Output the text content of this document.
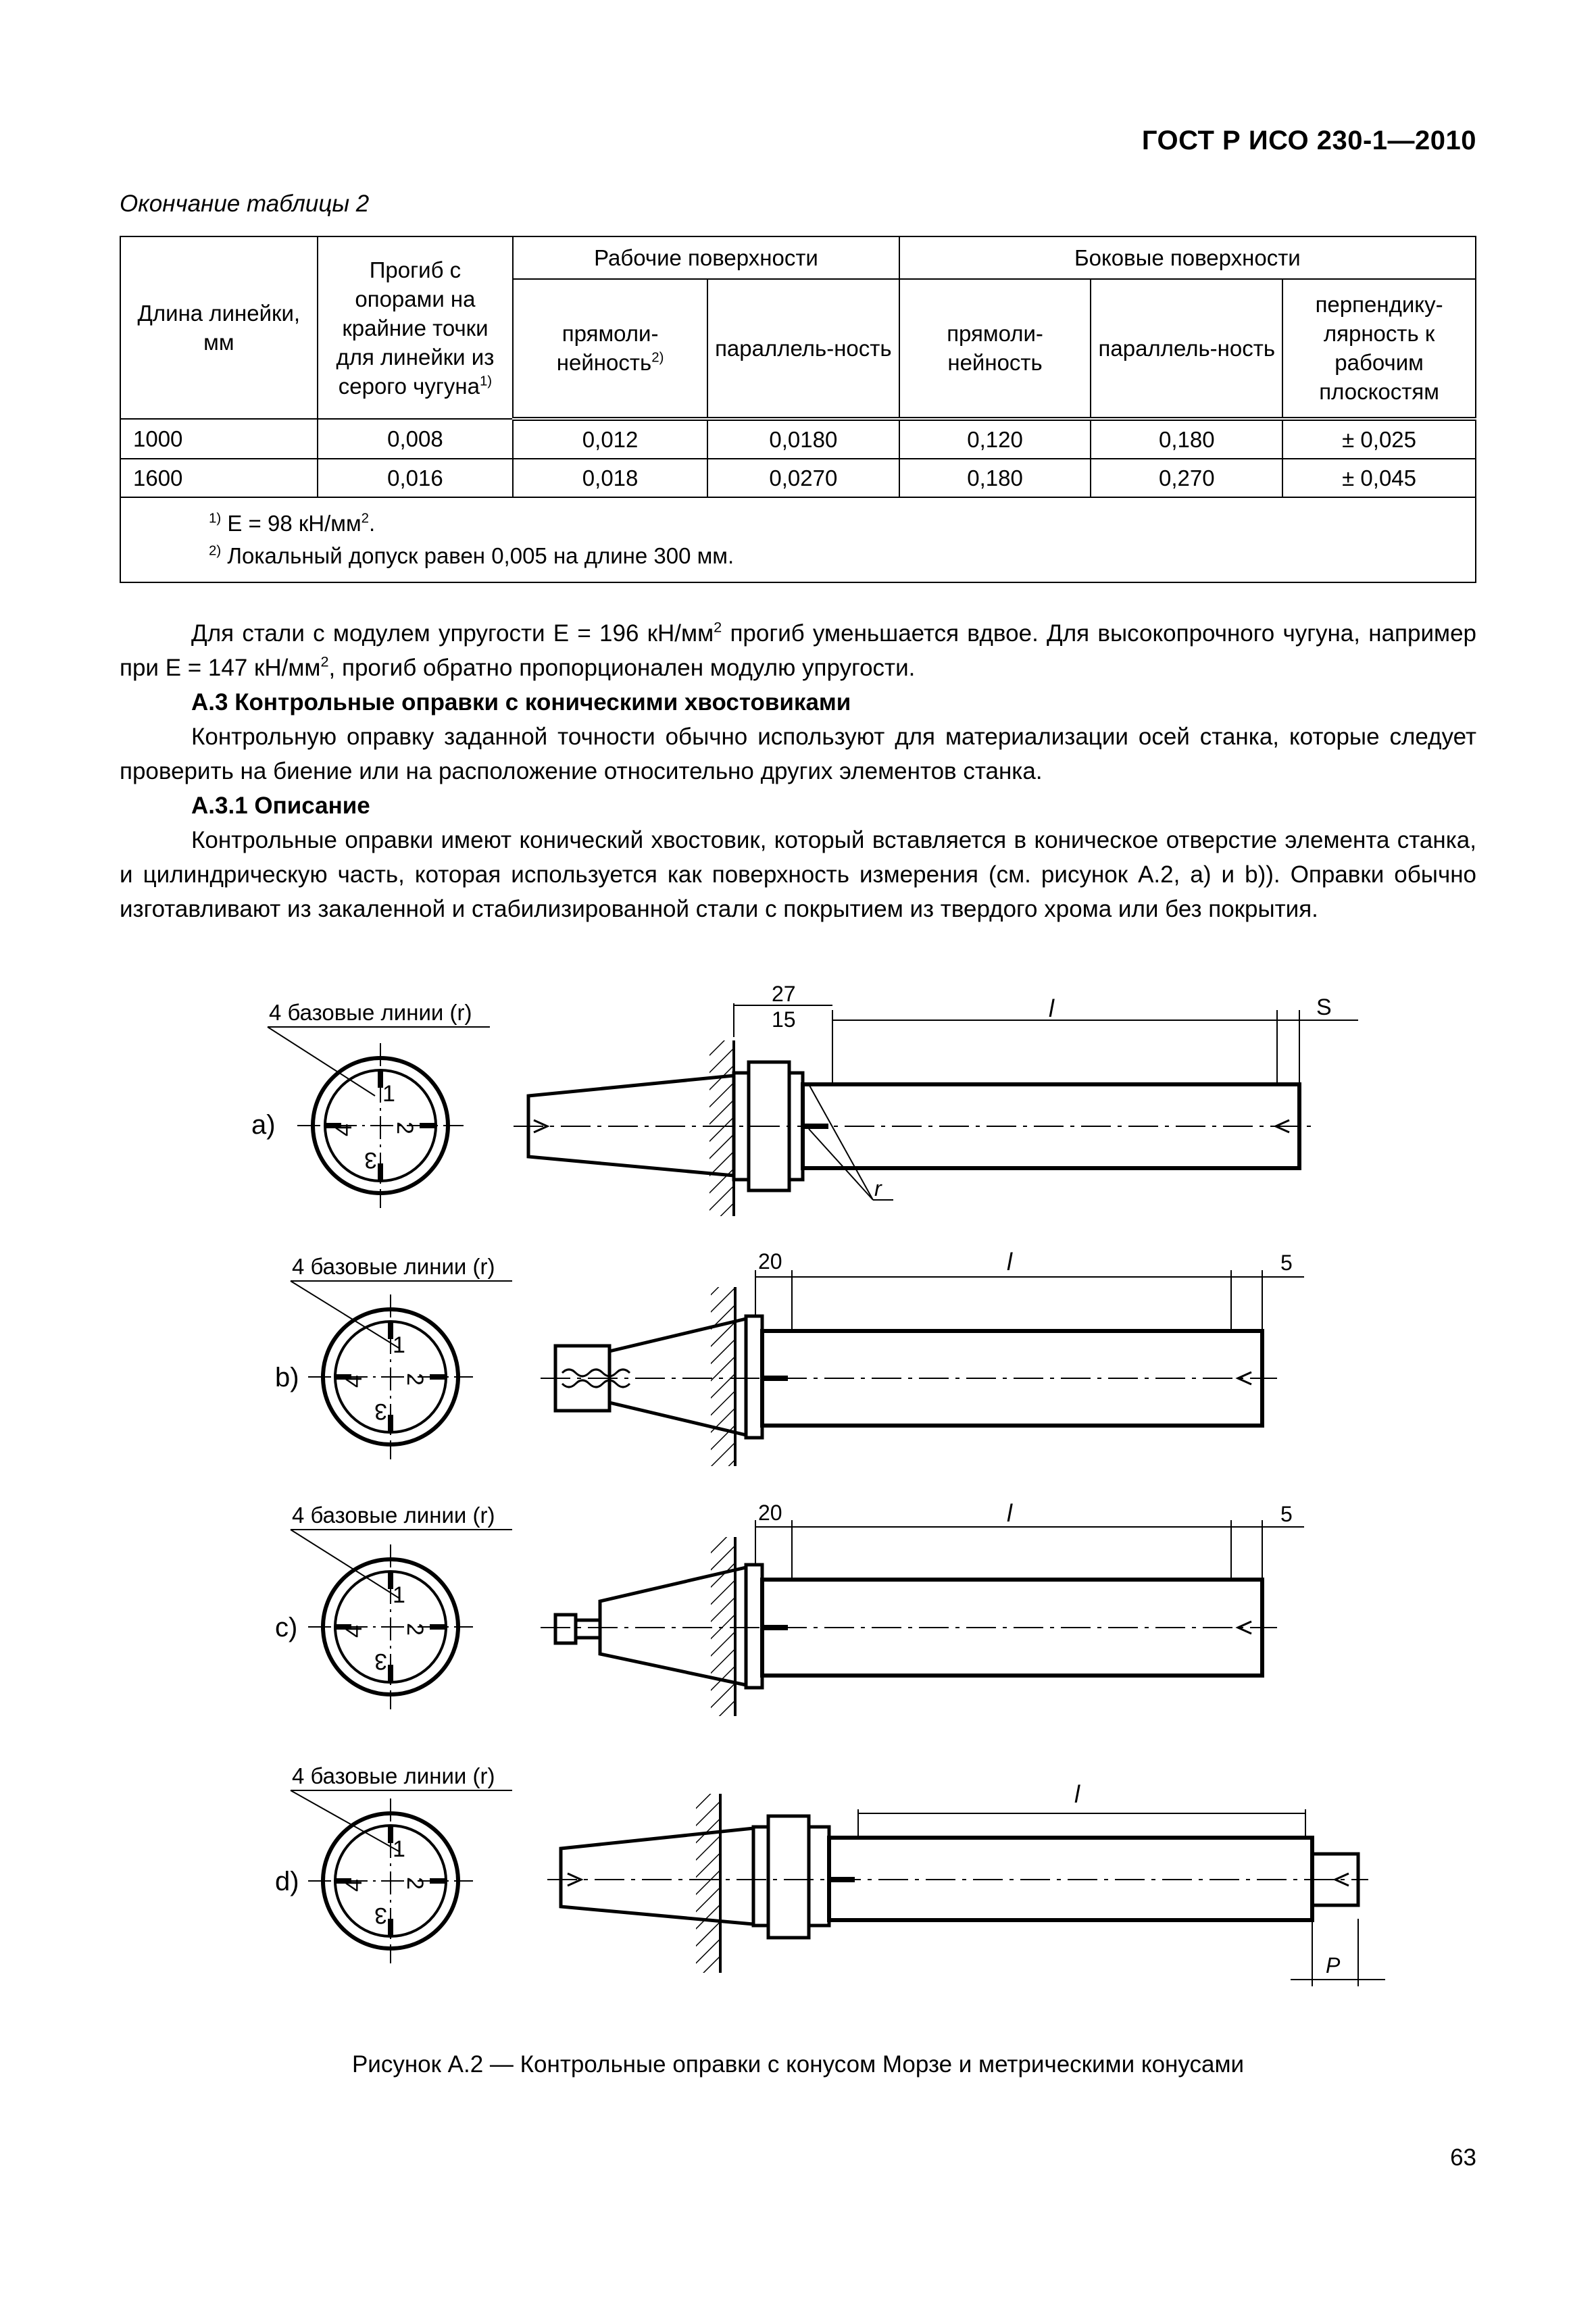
ГОСТ Р ИСО 230-1—2010
Окончание таблицы 2
Длина линейки, мм	Прогиб с опорами на крайние точки для линейки из серого чугуна$^{1)}$	Рабочие поверхности		Боковые поверхности		
		прямоли-нейность$^{2)}$	параллель-ность	прямоли-нейность	параллель-ность	перпендику-лярность к рабочим плоскостям
1000	0,008	0,012	0,0180	0,120	0,180	± 0,025
1600	0,016	0,018	0,0270	0,180	0,270	± 0,045

$^{1)}$ E = 98 $кН/мм^2$.
$^{2)}$ Локальный допуск равен 0,005 на длине 300 мм.						

Для стали с модулем упругости E = 196 $кН/мм^2$ прогиб уменьшается вдвое. Для высокопрочного чугуна, например при E = 147 $кН/мм^2$, прогиб обратно пропорционален модулю упругости.

А.3 Контрольные оправки с коническими хвостовиками

Контрольную оправку заданной точности обычно используют для материализации осей станка, которые следует проверить на биение или на расположение относительно других элементов станка.

А.3.1 Описание

Контрольные оправки имеют конический хвостовик, который вставляется в коническое отверстие элемента станка, и цилиндрическую часть, которая используется как поверхность измерения (см. рисунок А.2, а) и b)). Оправки обычно изготавливают из закаленной и стабилизированной стали с покрытием из твердого хрома или без покрытия.

4 базовые линии (r)
1
2
3
4
a)
r
27
15	l	S
4 базовые линии (r)
1
2
3
4
b)
20	l	5
4 базовые линии (r)
1
2
3
4
c)
20	l	5
4 базовые линии (r)
1
2
3
4
d)
l
P
Рисунок А.2 — Контрольные оправки с конусом Морзе и метрическими конусами
63
